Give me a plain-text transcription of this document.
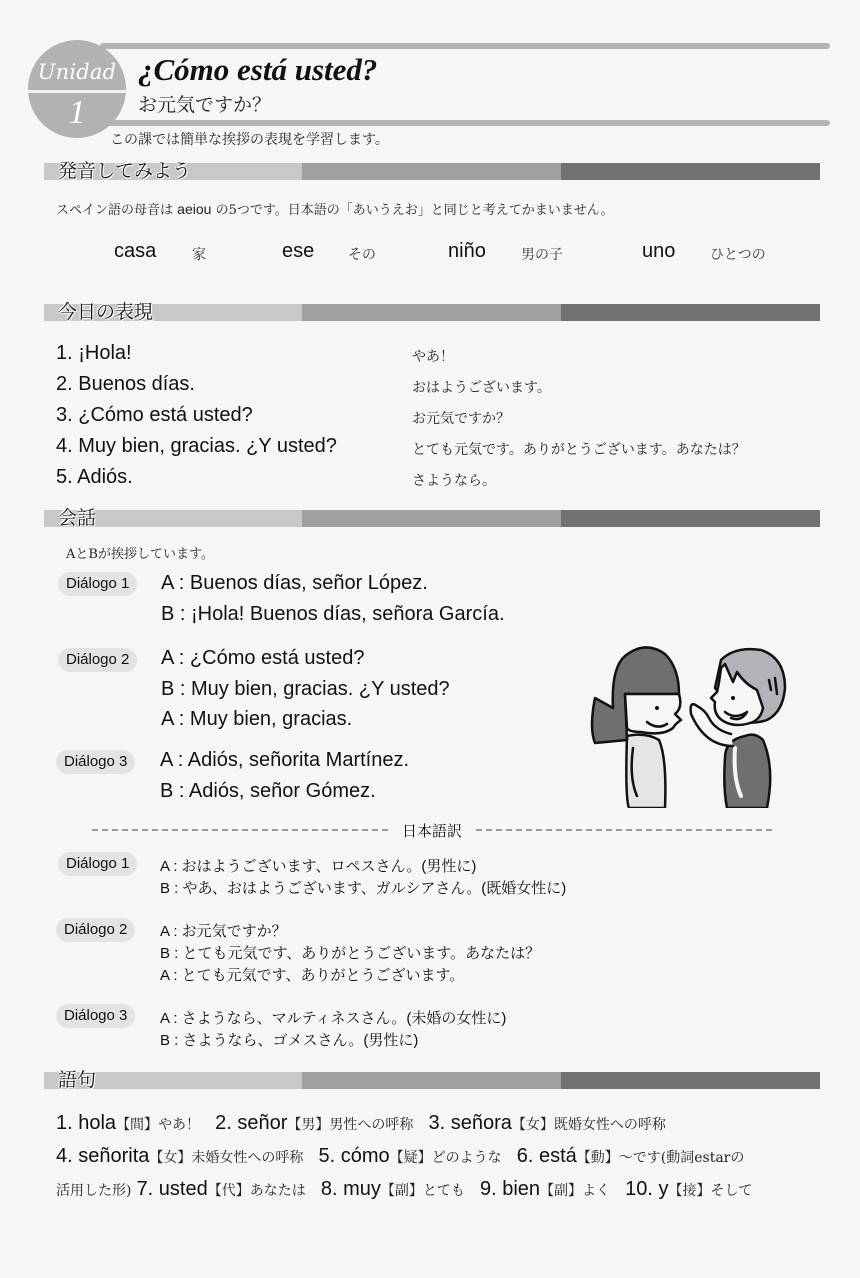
Unidad
1
¿Cómo está usted?
お元気ですか？
この課では簡単な挨拶の表現を学習します。
発音してみよう
スペイン語の母音は aeiou の5つです。日本語の「あいうえお」と同じと考えてかまいません。
casa	家	ese その	niño	男の子	uno ひとつの
今日の表現
1. ¡Hola!	やあ！
2. Buenos días.	おはようございます。
3. ¿Cómo está usted?	お元気ですか？
4. Muy bien, gracias. ¿Y usted?	とても元気です。ありがとうございます。あなたは？
5. Adiós.	さようなら。
会話
AとBが挨拶しています。
Diálogo 1	A : Buenos días, señor López.
B : ¡Hola! Buenos días, señora García.
Diálogo 2	A : ¿Cómo está usted?
B : Muy bien, gracias. ¿Y usted?
A : Muy bien, gracias.
Diálogo 3	A : Adiós, señorita Martínez.
B : Adiós, señor Gómez.
日本語訳
Diálogo 1	A : おはようございます、ロペスさん。(男性に)
B : やあ、おはようございます、ガルシアさん。(既婚女性に)
Diálogo 2	A : お元気ですか？
B : とても元気です、ありがとうございます。あなたは？
A : とても元気です、ありがとうございます。
Diálogo 3	A : さようなら、マルティネスさん。(未婚の女性に)
B : さようなら、ゴメスさん。(男性に)
語句
1. hola【間】やあ！ 2. señor【男】男性への呼称 3. señora【女】既婚女性への呼称
4. señorita【女】未婚女性への呼称 5. cómo【疑】どのような 6. está【動】～です(動詞estarの
活用した形) 7. usted【代】あなたは 8. muy【副】とても 9. bien【副】よく 10. y【接】そして
